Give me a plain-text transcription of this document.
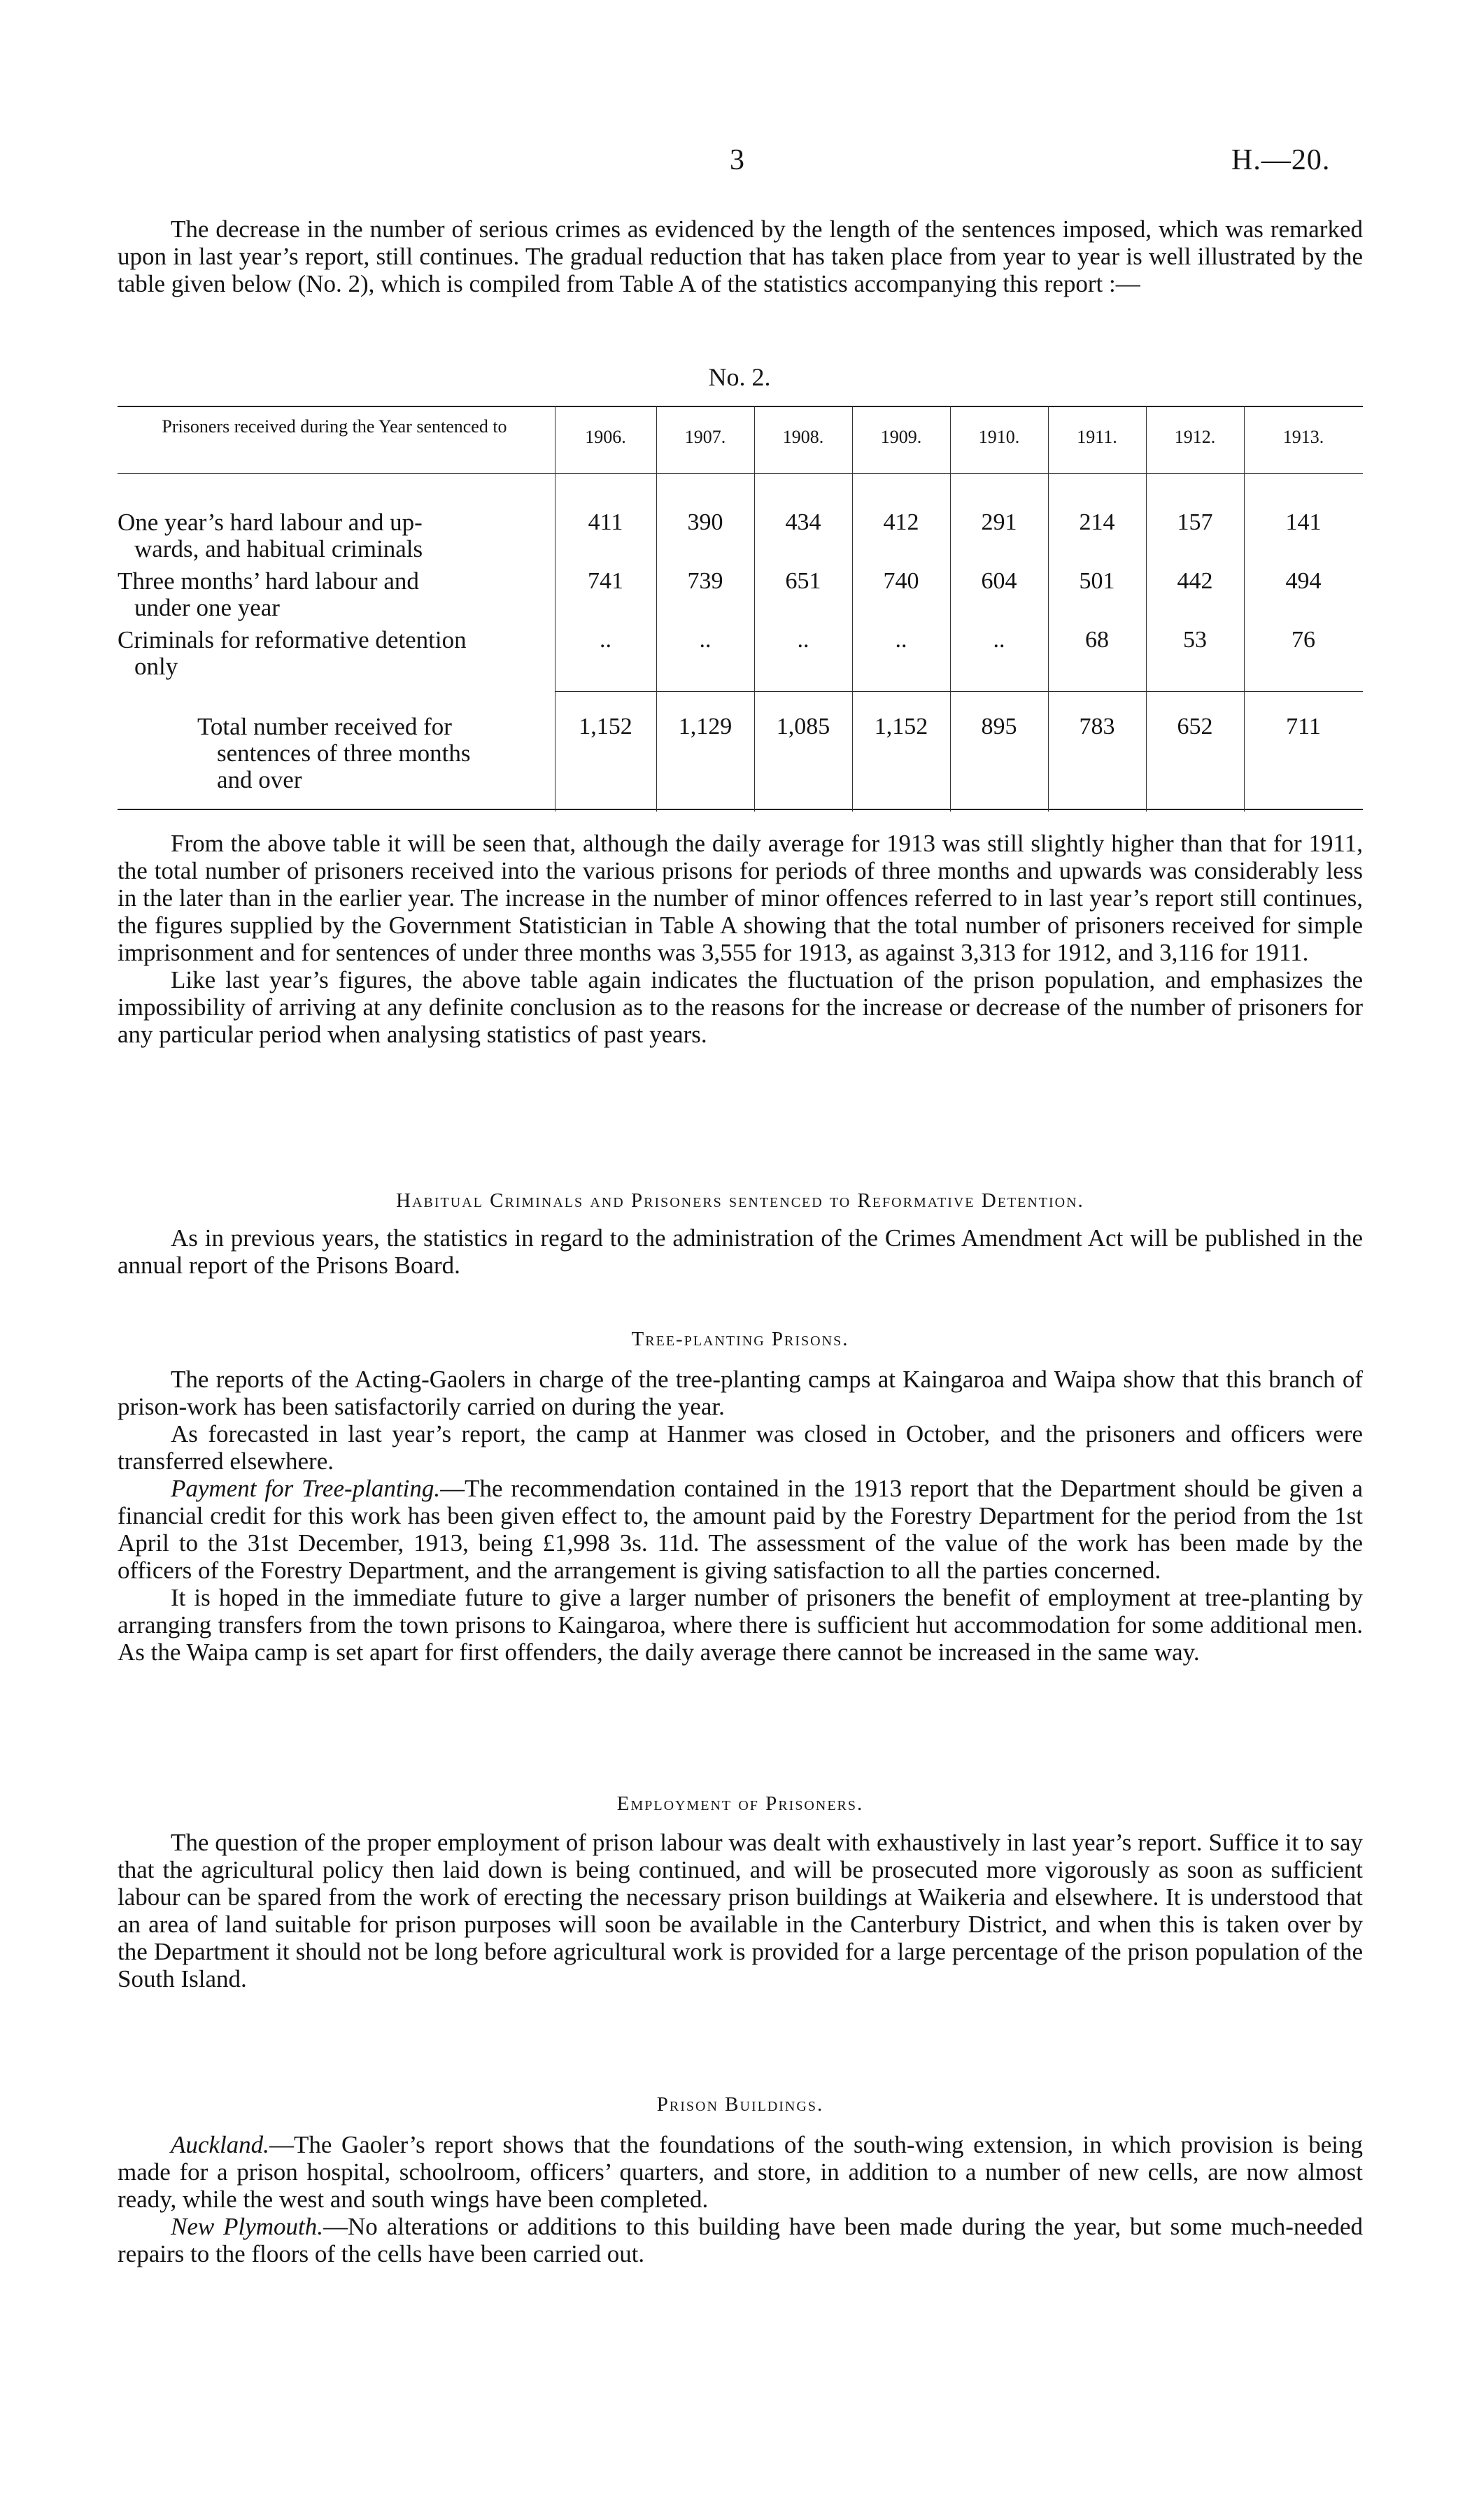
3	H.—20.

The decrease in the number of serious crimes as evidenced by the length of the sentences imposed, which was remarked upon in last year’s report, still continues. The gradual reduction that has taken place from year to year is well illustrated by the table given below (No. 2), which is compiled from Table A of the statistics accompanying this report :—

No. 2.
Prisoners received during the Year sentenced to
1906.	1907.	1908.	1909.	1910.	1911.	1912.	1913.
One year’s hard labour and up-
wards, and habitual criminals
411	390	434	412	291	214	157	141
Three months’ hard labour and
under one year
741	739	651	740	604	501	442	494
Criminals for reformative detention
only
..	..	..	..	..	68	53	76
Total number received for
sentences of three months
and over
1,152	1,129	1,085	1,152	895	783	652	711

From the above table it will be seen that, although the daily average for 1913 was still slightly higher than that for 1911, the total number of prisoners received into the various prisons for periods of three months and upwards was considerably less in the later than in the earlier year. The increase in the number of minor offences referred to in last year’s report still continues, the figures supplied by the Government Statistician in Table A showing that the total number of prisoners received for simple imprisonment and for sentences of under three months was 3,555 for 1913, as against 3,313 for 1912, and 3,116 for 1911.

Like last year’s figures, the above table again indicates the fluctuation of the prison population, and emphasizes the impossibility of arriving at any definite conclusion as to the reasons for the increase or decrease of the number of prisoners for any particular period when analysing statistics of past years.

Habitual Criminals and Prisoners sentenced to Reformative Detention.

As in previous years, the statistics in regard to the administration of the Crimes Amendment Act will be published in the annual report of the Prisons Board.

Tree-planting Prisons.

The reports of the Acting-Gaolers in charge of the tree-planting camps at Kaingaroa and Waipa show that this branch of prison-work has been satisfactorily carried on during the year.

As forecasted in last year’s report, the camp at Hanmer was closed in October, and the prisoners and officers were transferred elsewhere.

Payment for Tree-planting.—The recommendation contained in the 1913 report that the Department should be given a financial credit for this work has been given effect to, the amount paid by the Forestry Department for the period from the 1st April to the 31st December, 1913, being £1,998 3s. 11d. The assessment of the value of the work has been made by the officers of the Forestry Department, and the arrangement is giving satisfaction to all the parties concerned.

It is hoped in the immediate future to give a larger number of prisoners the benefit of employment at tree-planting by arranging transfers from the town prisons to Kaingaroa, where there is sufficient hut accommodation for some additional men. As the Waipa camp is set apart for first offenders, the daily average there cannot be increased in the same way.

Employment of Prisoners.

The question of the proper employment of prison labour was dealt with exhaustively in last year’s report. Suffice it to say that the agricultural policy then laid down is being continued, and will be prosecuted more vigorously as soon as sufficient labour can be spared from the work of erecting the necessary prison buildings at Waikeria and elsewhere. It is understood that an area of land suitable for prison purposes will soon be available in the Canterbury District, and when this is taken over by the Department it should not be long before agricultural work is provided for a large percentage of the prison population of the South Island.

Prison Buildings.

Auckland.—The Gaoler’s report shows that the foundations of the south-wing extension, in which provision is being made for a prison hospital, schoolroom, officers’ quarters, and store, in addition to a number of new cells, are now almost ready, while the west and south wings have been completed.

New Plymouth.—No alterations or additions to this building have been made during the year, but some much-needed repairs to the floors of the cells have been carried out.
